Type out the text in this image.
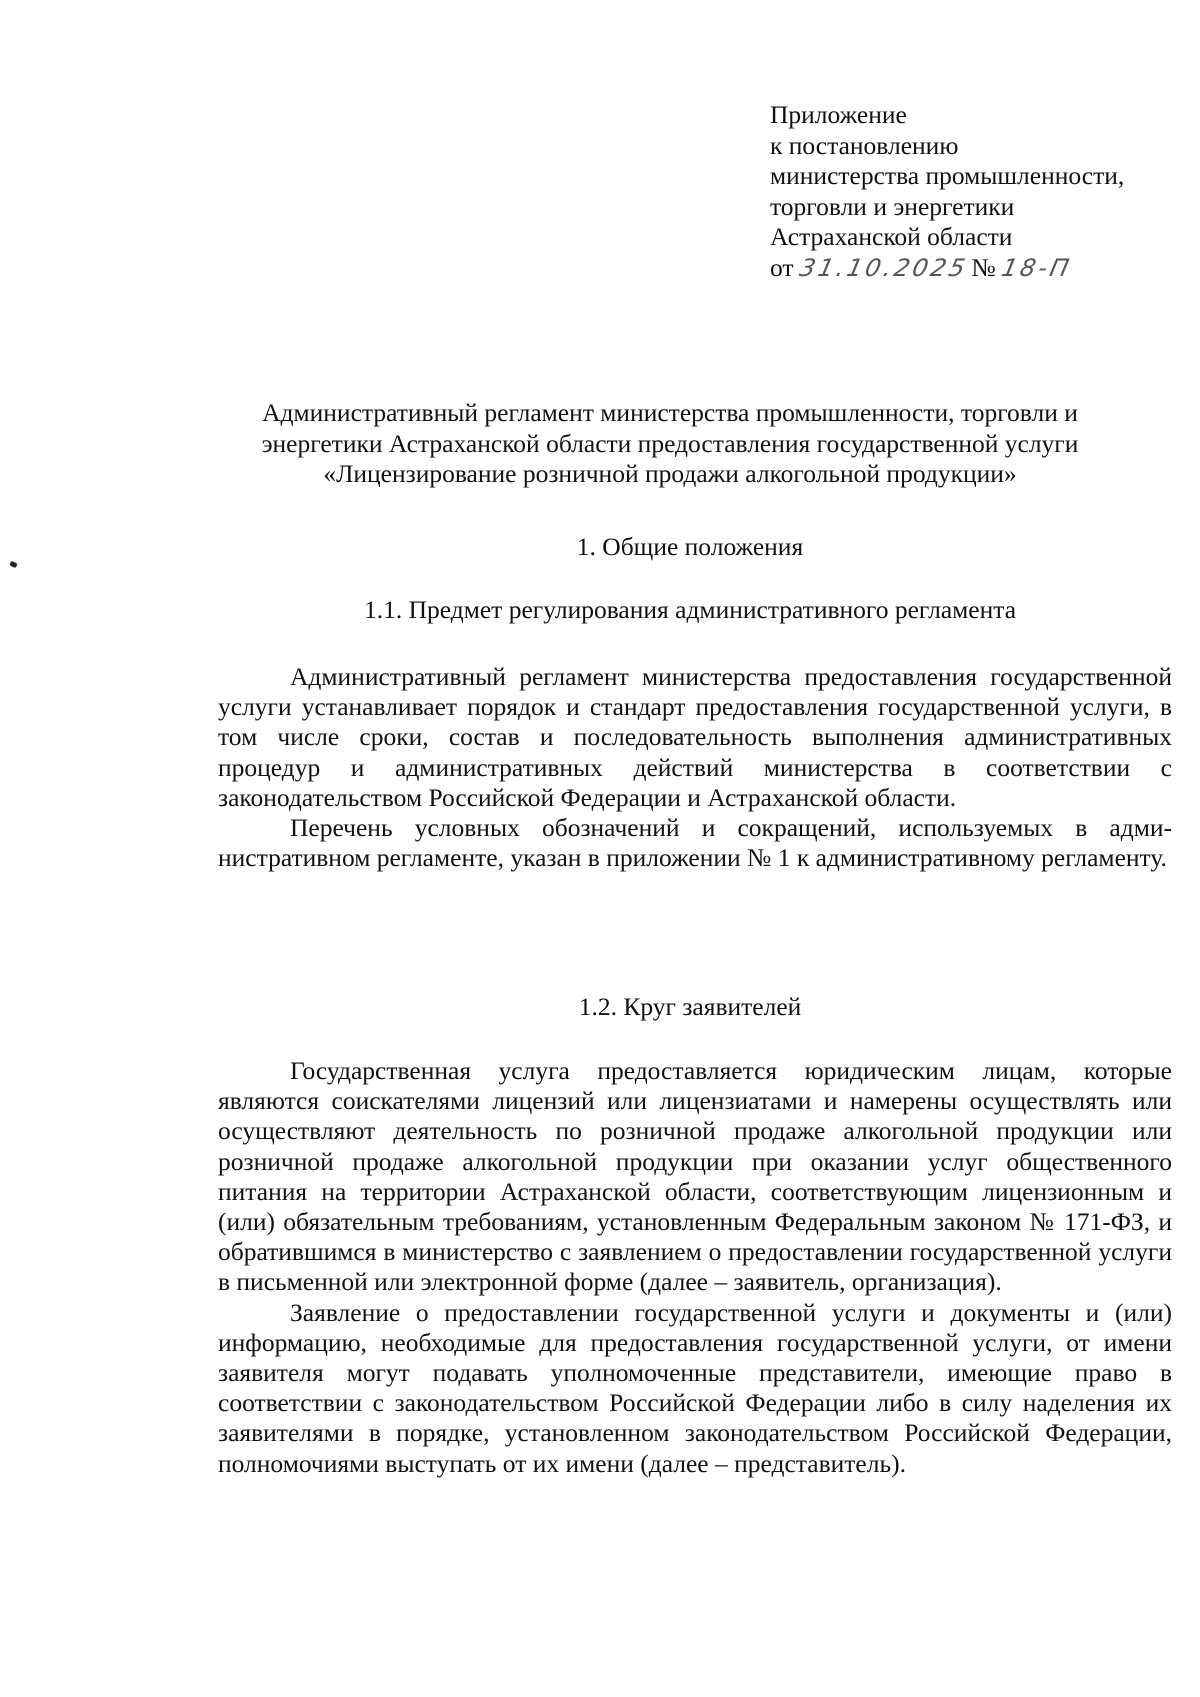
Приложение
к постановлению
министерства промышленности,
торговли и энергетики
Астраханской области
от 31.10.2025№ 18-П
Административный регламент министерства промышленности, торговли и
энергетики Астраханской области предоставления государственной услуги
«Лицензирование розничной продажи алкогольной продукции»
1. Общие положения
1.1. Предмет регулирования административного регламента

Административный регламент министерства предоставления государственной услуги устанавливает порядок и стандарт предоставления государственной услуги, в том числе сроки, состав и последовательность выполнения административных процедур и административных действий министерства в соответствии с законодательством Российской Федерации и Астраханской области.

Перечень условных обозначений и сокращений, используемых в административном регламенте, указан в приложении № 1 к административному регламенту.

1.2. Круг заявителей

Государственная услуга предоставляется юридическим лицам, которые являются соискателями лицензий или лицензиатами и намерены осуществлять или осуществляют деятельность по розничной продаже алкогольной продукции или розничной продаже алкогольной продукции при оказании услуг общественного питания на территории Астраханской области, соответствующим лицензионным и (или) обязательным требованиям, установленным Федеральным законом № 171-ФЗ, и обратившимся в министерство с заявлением о предоставлении государственной услуги в письменной или электронной форме (далее – заявитель, организация).

Заявление о предоставлении государственной услуги и документы и (или) информацию, необходимые для предоставления государственной услуги, от имени заявителя могут подавать уполномоченные представители, имеющие право в соответствии с законодательством Российской Федерации либо в силу наделения их заявителями в порядке, установленном законодательством Российской Федерации, полномочиями выступать от их имени (далее – представитель).
